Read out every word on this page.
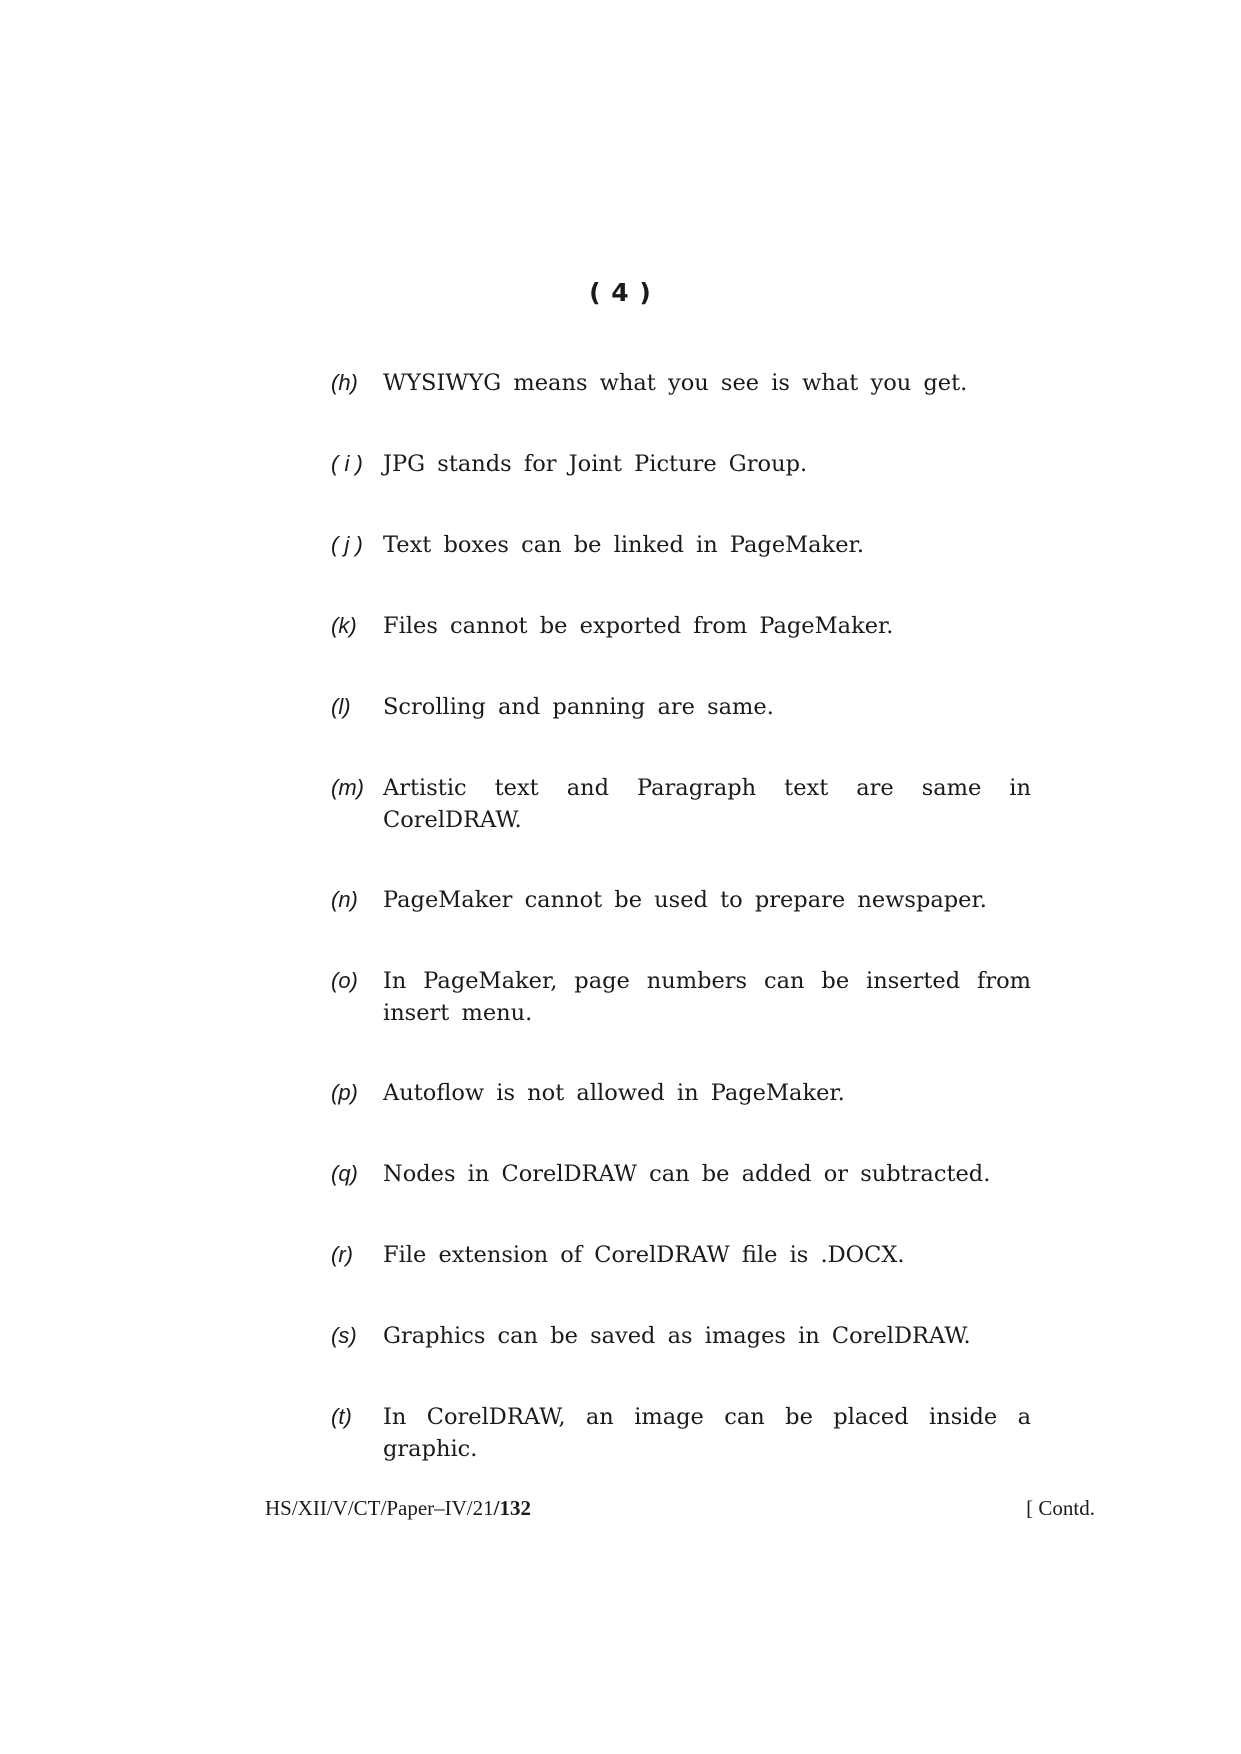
( 4 )
(h)	WYSIWYG means what you see is what you get.
( i ) JPG stands for Joint Picture Group.
( j ) Text boxes can be linked in PageMaker.
(k)	Files cannot be exported from PageMaker.
(l)	Scrolling and panning are same.
(m) Artistic text and Paragraph text are same in CorelDRAW.
(n)	PageMaker cannot be used to prepare newspaper.
(o)	In PageMaker, page numbers can be inserted from insert menu.
(p)	Autoflow is not allowed in PageMaker.
(q)	Nodes in CorelDRAW can be added or subtracted.
(r)	File extension of CorelDRAW file is .DOCX.
(s)	Graphics can be saved as images in CorelDRAW.
(t)	In CorelDRAW, an image can be placed inside a graphic.
HS/XII/V/CT/Paper–IV/21/132	[ Contd.
